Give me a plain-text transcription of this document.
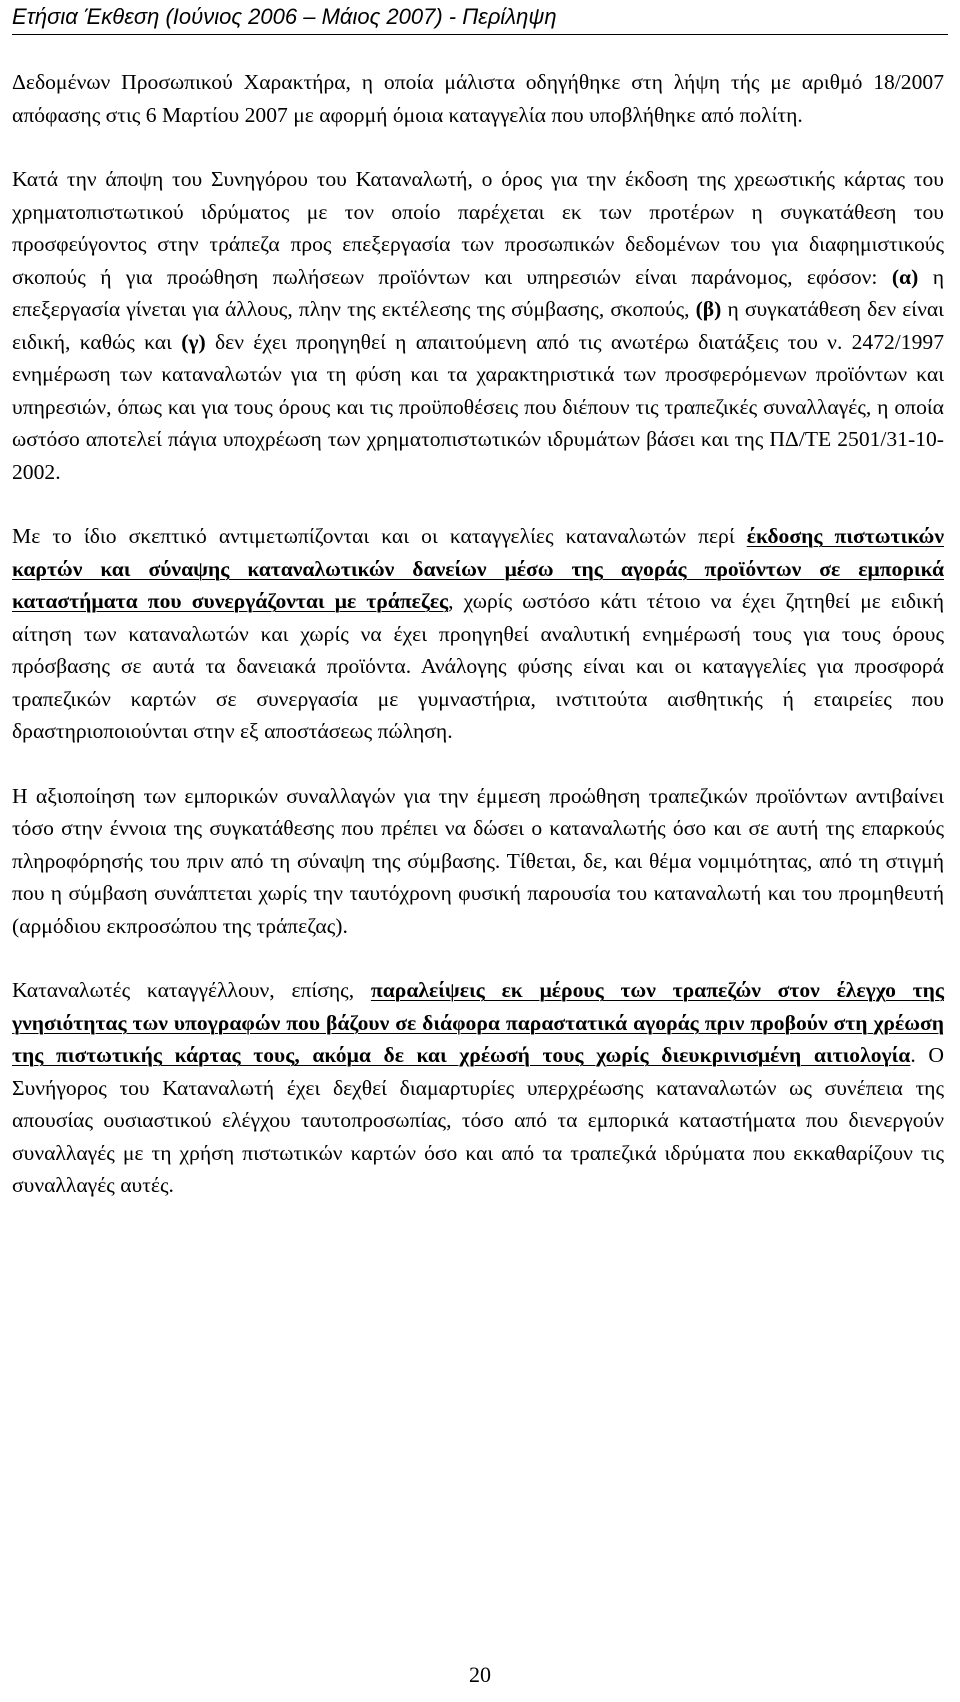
Ετήσια Έκθεση (Ιούνιος 2006 – Μάιος 2007) - Περίληψη

Δεδομένων Προσωπικού Χαρακτήρα, η οποία μάλιστα οδηγήθηκε στη λήψη τής με αριθμό 18/2007 απόφασης στις 6 Μαρτίου 2007 με αφορμή όμοια καταγγελία που υποβλήθηκε από πολίτη.

Κατά την άποψη του Συνηγόρου του Καταναλωτή, ο όρος για την έκδοση της χρεωστικής κάρτας του χρηματοπιστωτικού ιδρύματος με τον οποίο παρέχεται εκ των προτέρων η συγκατάθεση του προσφεύγοντος στην τράπεζα προς επεξεργασία των προσωπικών δεδομένων του για διαφημιστικούς σκοπούς ή για προώθηση πωλήσεων προϊόντων και υπηρεσιών είναι παράνομος, εφόσον: (α) η επεξεργασία γίνεται για άλλους, πλην της εκτέλεσης της σύμβασης, σκοπούς, (β) η συγκατάθεση δεν είναι ειδική, καθώς και (γ) δεν έχει προηγηθεί η απαιτούμενη από τις ανωτέρω διατάξεις του ν. 2472/1997 ενημέρωση των καταναλωτών για τη φύση και τα χαρακτηριστικά των προσφερόμενων προϊόντων και υπηρεσιών, όπως και για τους όρους και τις προϋποθέσεις που διέπουν τις τραπεζικές συναλλαγές, η οποία ωστόσο αποτελεί πάγια υποχρέωση των χρηματοπιστωτικών ιδρυμάτων βάσει και της ΠΔ/ΤΕ 2501/31-10-2002.

Με το ίδιο σκεπτικό αντιμετωπίζονται και οι καταγγελίες καταναλωτών περί έκδοσης πιστωτικών καρτών και σύναψης καταναλωτικών δανείων μέσω της αγοράς προϊόντων σε εμπορικά καταστήματα που συνεργάζονται με τράπεζες, χωρίς ωστόσο κάτι τέτοιο να έχει ζητηθεί με ειδική αίτηση των καταναλωτών και χωρίς να έχει προηγηθεί αναλυτική ενημέρωσή τους για τους όρους πρόσβασης σε αυτά τα δανειακά προϊόντα. Ανάλογης φύσης είναι και οι καταγγελίες για προσφορά τραπεζικών καρτών σε συνεργασία με γυμναστήρια, ινστιτούτα αισθητικής ή εταιρείες που δραστηριοποιούνται στην εξ αποστάσεως πώληση.

Η αξιοποίηση των εμπορικών συναλλαγών για την έμμεση προώθηση τραπεζικών προϊόντων αντιβαίνει τόσο στην έννοια της συγκατάθεσης που πρέπει να δώσει ο καταναλωτής όσο και σε αυτή της επαρκούς πληροφόρησής του πριν από τη σύναψη της σύμβασης. Τίθεται, δε, και θέμα νομιμότητας, από τη στιγμή που η σύμβαση συνάπτεται χωρίς την ταυτόχρονη φυσική παρουσία του καταναλωτή και του προμηθευτή (αρμόδιου εκπροσώπου της τράπεζας).

Καταναλωτές καταγγέλλουν, επίσης, παραλείψεις εκ μέρους των τραπεζών στον έλεγχο της γνησιότητας των υπογραφών που βάζουν σε διάφορα παραστατικά αγοράς πριν προβούν στη χρέωση της πιστωτικής κάρτας τους, ακόμα δε και χρέωσή τους χωρίς διευκρινισμένη αιτιολογία. Ο Συνήγορος του Καταναλωτή έχει δεχθεί διαμαρτυρίες υπερχρέωσης καταναλωτών ως συνέπεια της απουσίας ουσιαστικού ελέγχου ταυτοπροσωπίας, τόσο από τα εμπορικά καταστήματα που διενεργούν συναλλαγές με τη χρήση πιστωτικών καρτών όσο και από τα τραπεζικά ιδρύματα που εκκαθαρίζουν τις συναλλαγές αυτές.

20
